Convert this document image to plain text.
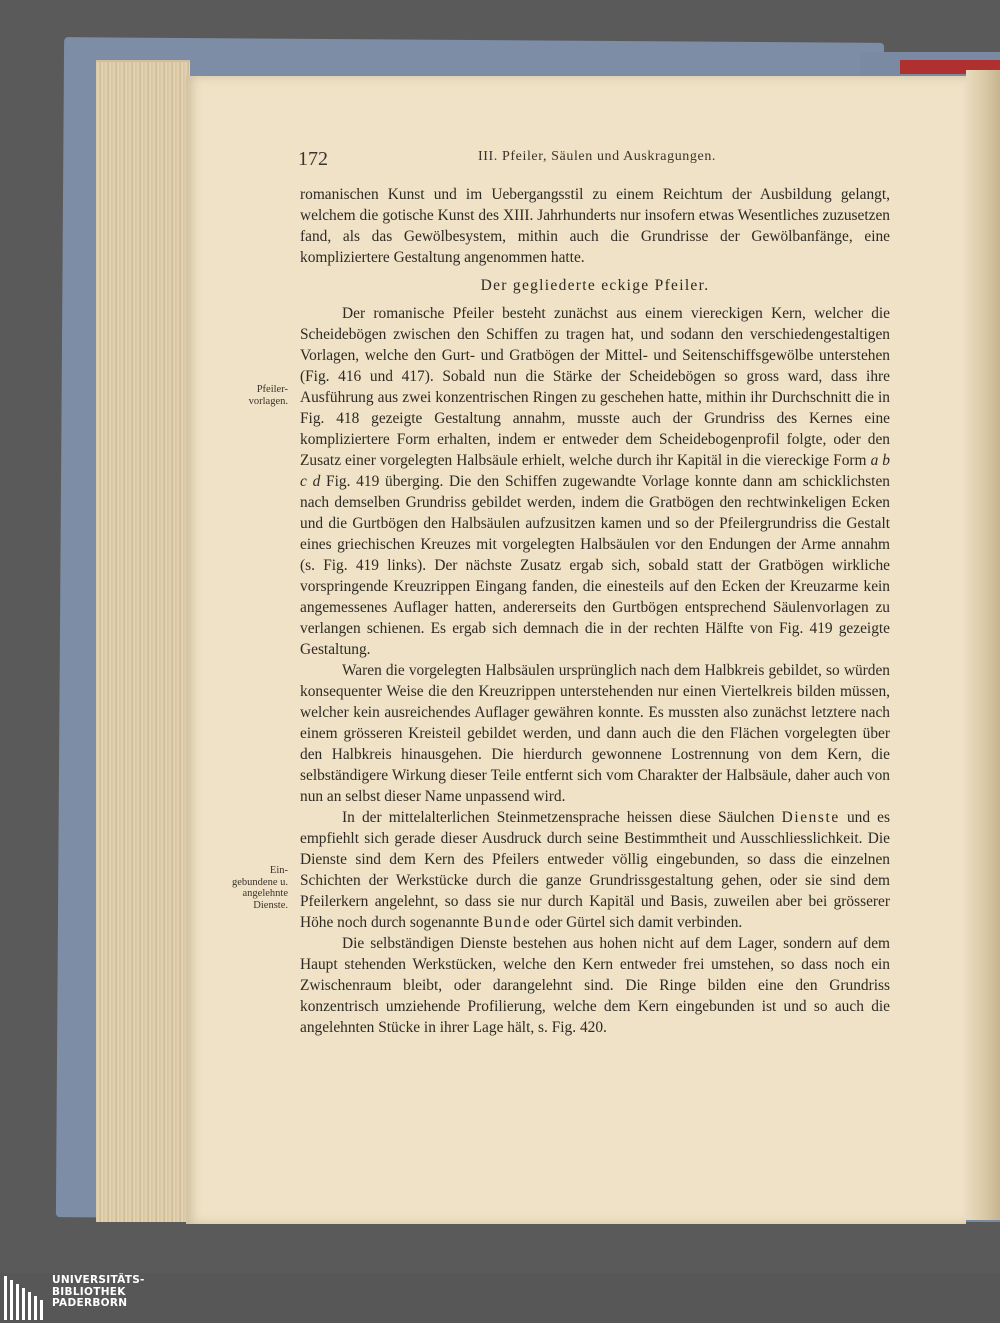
172	III. Pfeiler, Säulen und Auskragungen.
Pfeiler-
vorlagen.
Ein-
gebundene u.
angelehnte
Dienste.

romanischen Kunst und im Uebergangsstil zu einem Reichtum der Ausbildung gelangt, welchem die gotische Kunst des XIII. Jahrhunderts nur insofern etwas Wesentliches zuzusetzen fand, als das Gewölbesystem, mithin auch die Grundrisse der Gewölbanfänge, eine kompliziertere Gestaltung angenommen hatte.

Der gegliederte eckige Pfeiler.

Der romanische Pfeiler besteht zunächst aus einem viereckigen Kern, welcher die Scheidebögen zwischen den Schiffen zu tragen hat, und sodann den verschiedengestaltigen Vorlagen, welche den Gurt- und Gratbögen der Mittel- und Seitenschiffsgewölbe unterstehen (Fig. 416 und 417). Sobald nun die Stärke der Scheidebögen so gross ward, dass ihre Ausführung aus zwei konzentrischen Ringen zu geschehen hatte, mithin ihr Durchschnitt die in Fig. 418 gezeigte Gestaltung annahm, musste auch der Grundriss des Kernes eine kompliziertere Form erhalten, indem er entweder dem Scheidebogenprofil folgte, oder den Zusatz einer vorgelegten Halbsäule erhielt, welche durch ihr Kapitäl in die viereckige Form a b c d Fig. 419 überging. Die den Schiffen zugewandte Vorlage konnte dann am schicklichsten nach demselben Grundriss gebildet werden, indem die Gratbögen den rechtwinkeligen Ecken und die Gurtbögen den Halbsäulen aufzusitzen kamen und so der Pfeilergrundriss die Gestalt eines griechischen Kreuzes mit vorgelegten Halbsäulen vor den Endungen der Arme annahm (s. Fig. 419 links). Der nächste Zusatz ergab sich, sobald statt der Gratbögen wirkliche vorspringende Kreuzrippen Eingang fanden, die einesteils auf den Ecken der Kreuzarme kein angemessenes Auflager hatten, andererseits den Gurtbögen entsprechend Säulenvorlagen zu verlangen schienen. Es ergab sich demnach die in der rechten Hälfte von Fig. 419 gezeigte Gestaltung.

Waren die vorgelegten Halbsäulen ursprünglich nach dem Halbkreis gebildet, so würden konsequenter Weise die den Kreuzrippen unterstehenden nur einen Viertelkreis bilden müssen, welcher kein ausreichendes Auflager gewähren konnte. Es mussten also zunächst letztere nach einem grösseren Kreisteil gebildet werden, und dann auch die den Flächen vorgelegten über den Halbkreis hinausgehen. Die hierdurch gewonnene Lostrennung von dem Kern, die selbständigere Wirkung dieser Teile entfernt sich vom Charakter der Halbsäule, daher auch von nun an selbst dieser Name unpassend wird.

In der mittelalterlichen Steinmetzensprache heissen diese Säulchen Dienste und es empfiehlt sich gerade dieser Ausdruck durch seine Bestimmtheit und Ausschliesslichkeit. Die Dienste sind dem Kern des Pfeilers entweder völlig eingebunden, so dass die einzelnen Schichten der Werkstücke durch die ganze Grundrissgestaltung gehen, oder sie sind dem Pfeilerkern angelehnt, so dass sie nur durch Kapitäl und Basis, zuweilen aber bei grösserer Höhe noch durch sogenannte Bunde oder Gürtel sich damit verbinden.

Die selbständigen Dienste bestehen aus hohen nicht auf dem Lager, sondern auf dem Haupt stehenden Werkstücken, welche den Kern entweder frei umstehen, so dass noch ein Zwischenraum bleibt, oder darangelehnt sind. Die Ringe bilden eine den Grundriss konzentrisch umziehende Profilierung, welche dem Kern eingebunden ist und so auch die angelehnten Stücke in ihrer Lage hält, s. Fig. 420.

UNIVERSITÄTS-
BIBLIOTHEK
PADERBORN
